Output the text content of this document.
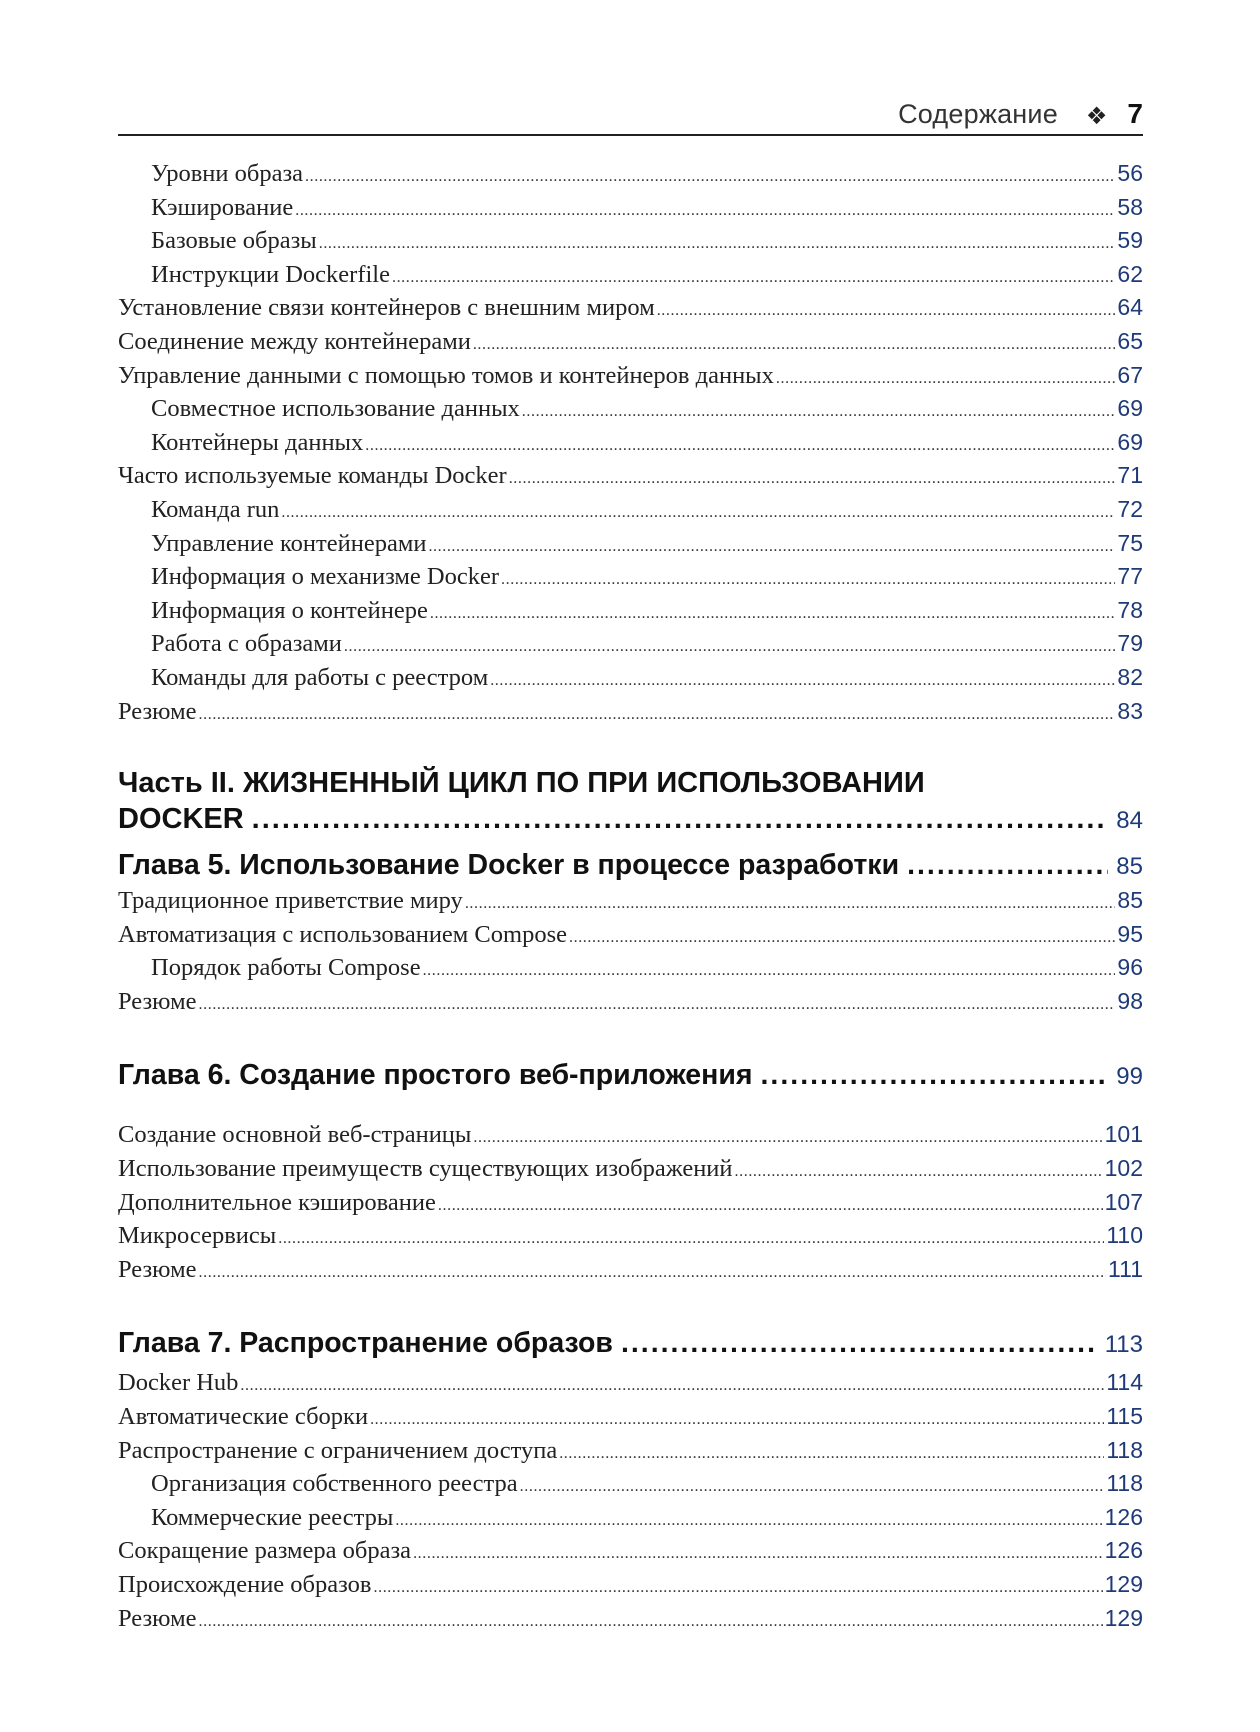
Содержание ❖ 7
Уровни образа .....	56
Кэширование .....	58
Базовые образы .....	59
Инструкции Dockerfile .....	62
Установление связи контейнеров с внешним миром .....	64
Соединение между контейнерами .....	65
Управление данными с помощью томов и контейнеров данных .....	67
Совместное использование данных .....	69
Контейнеры данных .....	69
Часто используемые команды Docker .....	71
Команда run .....	72
Управление контейнерами .....	75
Информация о механизме Docker .....	77
Информация о контейнере .....	78
Работа с образами .....	79
Команды для работы с реестром .....	82
Резюме .....	83
Часть II. ЖИЗНЕННЫЙ ЦИКЛ ПО ПРИ ИСПОЛЬЗОВАНИИ
DOCKER .....	84
Глава 5. Использование Docker в процессе разработки .....	85
Традиционное приветствие миру .....	85
Автоматизация с использованием Compose .....	95
Порядок работы Compose .....	96
Резюме .....	98
Глава 6. Создание простого веб-приложения .....	99
Создание основной веб-страницы .....	101
Использование преимуществ существующих изображений .....	102
Дополнительное кэширование .....	107
Микросервисы .....	110
Резюме .....	111
Глава 7. Распространение образов .....	113
Docker Hub .....	114
Автоматические сборки .....	115
Распространение с ограничением доступа .....	118
Организация собственного реестра .....	118
Коммерческие реестры .....	126
Сокращение размера образа .....	126
Происхождение образов .....	129
Резюме .....	129
